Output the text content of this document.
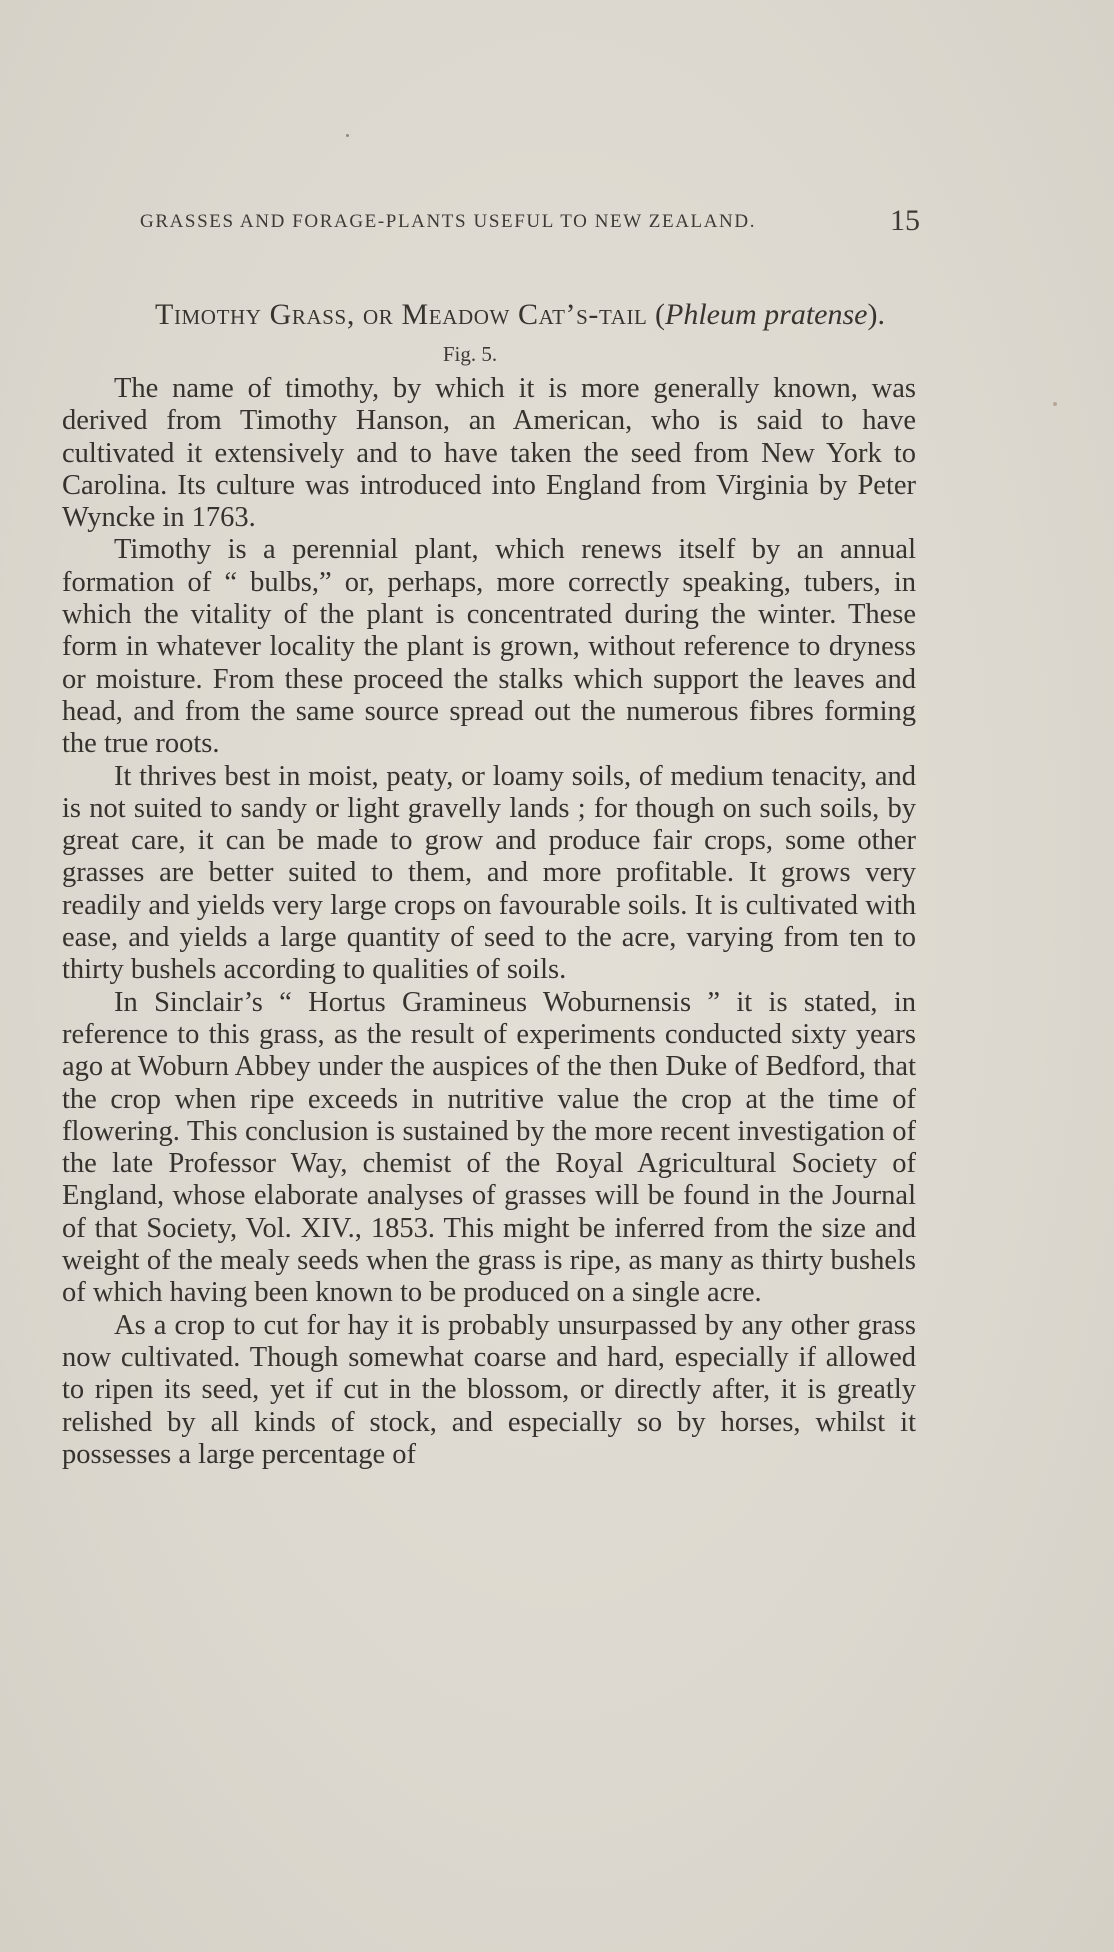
GRASSES AND FORAGE-PLANTS USEFUL TO NEW ZEALAND.	15
Timothy Grass, or Meadow Cat’s-tail (Phleum pratense).
Fig. 5.

The name of timothy, by which it is more generally known, was derived from Timothy Hanson, an American, who is said to have cultivated it extensively and to have taken the seed from New York to Carolina. Its culture was introduced into England from Virginia by Peter Wyncke in 1763.

Timothy is a perennial plant, which renews itself by an annual formation of “ bulbs,” or, perhaps, more correctly speaking, tubers, in which the vitality of the plant is concentrated during the winter. These form in whatever locality the plant is grown, without reference to dryness or moisture. From these proceed the stalks which support the leaves and head, and from the same source spread out the numerous fibres forming the true roots.

It thrives best in moist, peaty, or loamy soils, of medium tenacity, and is not suited to sandy or light gravelly lands ; for though on such soils, by great care, it can be made to grow and produce fair crops, some other grasses are better suited to them, and more profitable. It grows very readily and yields very large crops on favourable soils. It is cultivated with ease, and yields a large quantity of seed to the acre, varying from ten to thirty bushels according to qualities of soils.

In Sinclair’s “ Hortus Gramineus Woburnensis ” it is stated, in reference to this grass, as the result of experiments conducted sixty years ago at Woburn Abbey under the auspices of the then Duke of Bedford, that the crop when ripe exceeds in nutritive value the crop at the time of flowering. This conclusion is sustained by the more recent investigation of the late Professor Way, chemist of the Royal Agricultural Society of England, whose elaborate analyses of grasses will be found in the Journal of that Society, Vol. XIV., 1853. This might be inferred from the size and weight of the mealy seeds when the grass is ripe, as many as thirty bushels of which having been known to be produced on a single acre.

As a crop to cut for hay it is probably unsurpassed by any other grass now cultivated. Though somewhat coarse and hard, especially if allowed to ripen its seed, yet if cut in the blossom, or directly after, it is greatly relished by all kinds of stock, and especially so by horses, whilst it possesses a large percentage of
